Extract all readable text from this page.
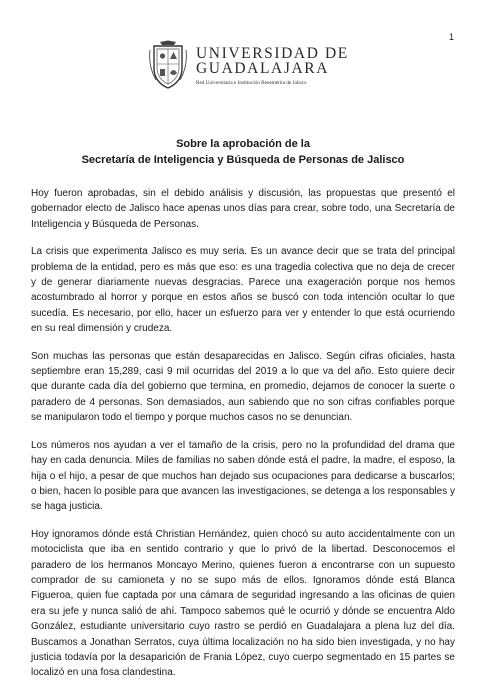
1
UNIVERSIDAD DE
GUADALAJARA
Red Universitaria e Institución Benemérita de Jalisco
Sobre la aprobación de la
Secretaría de Inteligencia y Búsqueda de Personas de Jalisco

Hoy fueron aprobadas, sin el debido análisis y discusión, las propuestas que presentó el gobernador electo de Jalisco hace apenas unos días para crear, sobre todo, una Secretaría de Inteligencia y Búsqueda de Personas.

La crisis que experimenta Jalisco es muy seria. Es un avance decir que se trata del principal problema de la entidad, pero es más que eso: es una tragedia colectiva que no deja de crecer y de generar diariamente nuevas desgracias. Parece una exageración porque nos hemos acostumbrado al horror y porque en estos años se buscó con toda intención ocultar lo que sucedía. Es necesario, por ello, hacer un esfuerzo para ver y entender lo que está ocurriendo en su real dimensión y crudeza.

Son muchas las personas que están desaparecidas en Jalisco. Según cifras oficiales, hasta septiembre eran 15,289, casi 9 mil ocurridas del 2019 a lo que va del año. Esto quiere decir que durante cada día del gobierno que termina, en promedio, dejamos de conocer la suerte o paradero de 4 personas. Son demasiados, aun sabiendo que no son cifras confiables porque se manipularon todo el tiempo y porque muchos casos no se denuncian.

Los números nos ayudan a ver el tamaño de la crisis, pero no la profundidad del drama que hay en cada denuncia. Miles de familias no saben dónde está el padre, la madre, el esposo, la hija o el hijo, a pesar de que muchos han dejado sus ocupaciones para dedicarse a buscarlos; o bien, hacen lo posible para que avancen las investigaciones, se detenga a los responsables y se haga justicia.

Hoy ignoramos dónde está Christian Hernández, quien chocó su auto accidentalmente con un motociclista que iba en sentido contrario y que lo privó de la libertad. Desconocemos el paradero de los hermanos Moncayo Merino, quienes fueron a encontrarse con un supuesto comprador de su camioneta y no se supo más de ellos. Ignoramos dónde está Blanca Figueroa, quien fue captada por una cámara de seguridad ingresando a las oficinas de quien era su jefe y nunca salió de ahí. Tampoco sabemos qué le ocurrió y dónde se encuentra Aldo González, estudiante universitario cuyo rastro se perdió en Guadalajara a plena luz del día. Buscamos a Jonathan Serratos, cuya última localización no ha sido bien investigada, y no hay justicia todavía por la desaparición de Frania López, cuyo cuerpo segmentado en 15 partes se localizó en una fosa clandestina.
